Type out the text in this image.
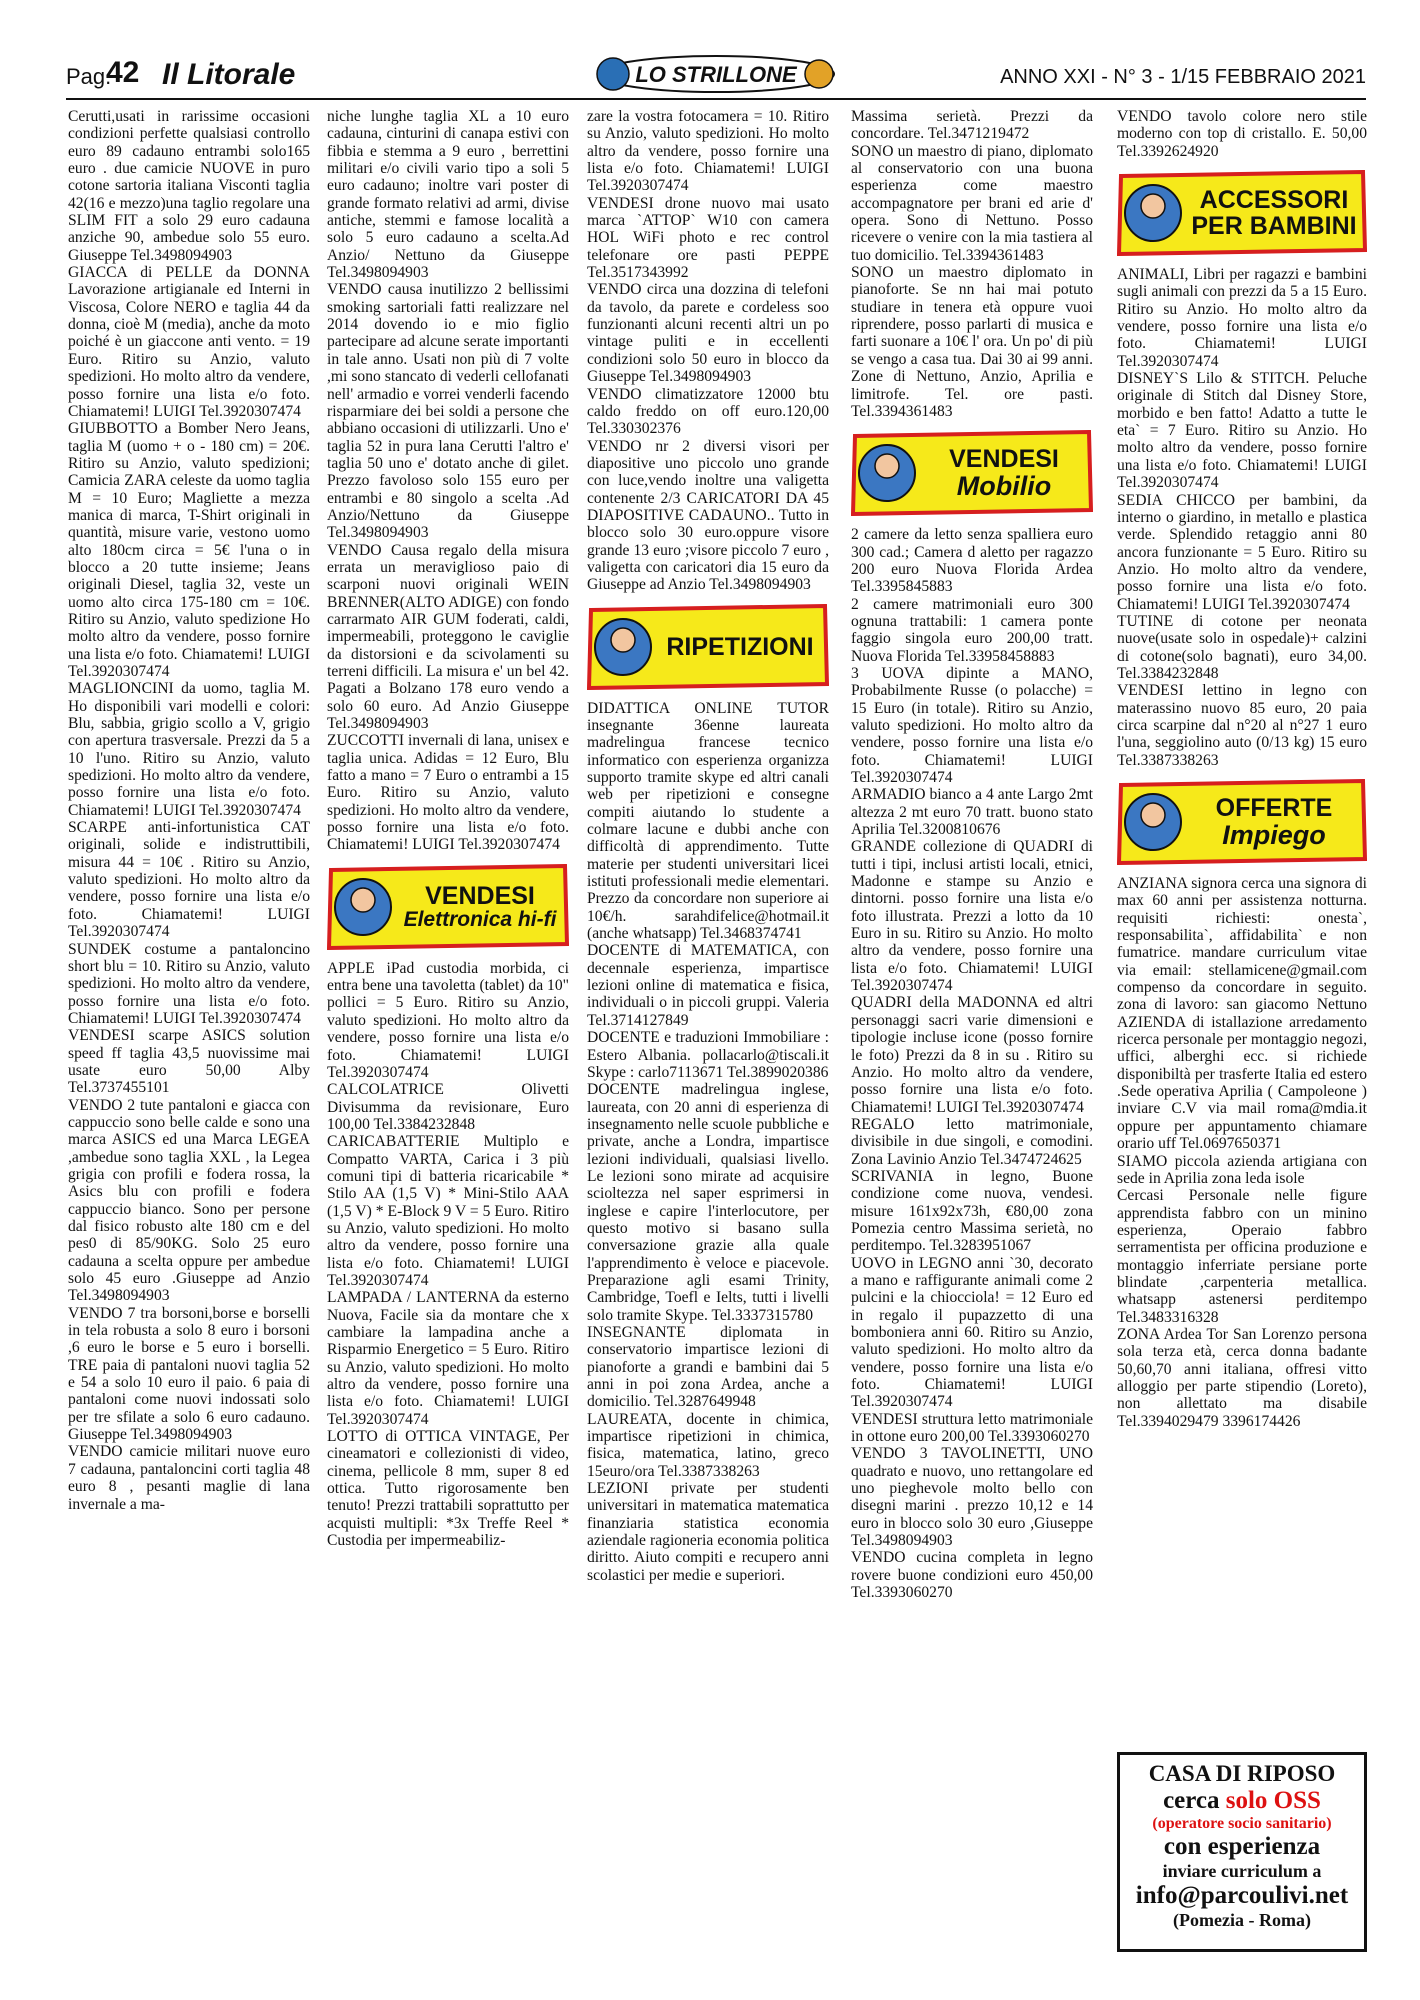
Pag.
42 Il Litorale	LO STRILLONE	ANNO XXI - N° 3 - 1/15 FEBBRAIO 2021

Cerutti,usati in rarissime occasioni condizioni perfette qualsiasi controllo euro 89 cadauno entrambi solo165 euro . due camicie NUOVE in puro cotone sartoria italiana Visconti taglia 42(16 e mezzo)una taglio regolare una SLIM FIT a solo 29 euro cadauna anziche 90, ambedue solo 55 euro. Giuseppe Tel.3498094903

GIACCA di PELLE da DONNA Lavorazione artigianale ed Interni in Viscosa, Colore NERO e taglia 44 da donna, cioè M (media), anche da moto poiché è un giaccone anti vento. = 19 Euro. Ritiro su Anzio, valuto spedizioni. Ho molto altro da vendere, posso fornire una lista e/o foto. Chiamatemi! LUIGI Tel.3920307474

GIUBBOTTO a Bomber Nero Jeans, taglia M (uomo + o - 180 cm) = 20€. Ritiro su Anzio, valuto spedizioni; Camicia ZARA celeste da uomo taglia M = 10 Euro; Magliette a mezza manica di marca, T-Shirt originali in quantità, misure varie, vestono uomo alto 180cm circa = 5€ l'una o in blocco a 20 tutte insieme; Jeans originali Diesel, taglia 32, veste un uomo alto circa 175-180 cm = 10€. Ritiro su Anzio, valuto spedizione Ho molto altro da vendere, posso fornire una lista e/o foto. Chiamatemi! LUIGI Tel.3920307474

MAGLIONCINI da uomo, taglia M. Ho disponibili vari modelli e colori: Blu, sabbia, grigio scollo a V, grigio con apertura trasversale. Prezzi da 5 a 10 l'uno. Ritiro su Anzio, valuto spedizioni. Ho molto altro da vendere, posso fornire una lista e/o foto. Chiamatemi! LUIGI Tel.3920307474

SCARPE anti-infortunistica CAT originali, solide e indistruttibili, misura 44 = 10€ . Ritiro su Anzio, valuto spedizioni. Ho molto altro da vendere, posso fornire una lista e/o foto. Chiamatemi! LUIGI Tel.3920307474

SUNDEK costume a pantaloncino short blu = 10. Ritiro su Anzio, valuto spedizioni. Ho molto altro da vendere, posso fornire una lista e/o foto. Chiamatemi! LUIGI Tel.3920307474

VENDESI scarpe ASICS solution speed ff taglia 43,5 nuovissime mai usate euro 50,00 Alby Tel.3737455101

VENDO 2 tute pantaloni e giacca con cappuccio sono belle calde e sono una marca ASICS ed una Marca LEGEA ,ambedue sono taglia XXL , la Legea grigia con profili e fodera rossa, la Asics blu con profili e fodera cappuccio bianco. Sono per persone dal fisico robusto alte 180 cm e del pes0 di 85/90KG. Solo 25 euro cadauna a scelta oppure per ambedue solo 45 euro .Giuseppe ad Anzio Tel.3498094903

VENDO 7 tra borsoni,borse e borselli in tela robusta a solo 8 euro i borsoni ,6 euro le borse e 5 euro i borselli. TRE paia di pantaloni nuovi taglia 52 e 54 a solo 10 euro il paio. 6 paia di pantaloni come nuovi indossati solo per tre sfilate a solo 6 euro cadauno. Giuseppe Tel.3498094903

VENDO camicie militari nuove euro 7 cadauna, pantaloncini corti taglia 48 euro 8 , pesanti maglie di lana invernale a ma-

niche lunghe taglia XL a 10 euro cadauna, cinturini di canapa estivi con fibbia e stemma a 9 euro , berrettini militari e/o civili vario tipo a soli 5 euro cadauno; inoltre vari poster di grande formato relativi ad armi, divise antiche, stemmi e famose località a solo 5 euro cadauno a scelta.Ad Anzio/ Nettuno da Giuseppe Tel.3498094903

VENDO causa inutilizzo 2 bellissimi smoking sartoriali fatti realizzare nel 2014 dovendo io e mio figlio partecipare ad alcune serate importanti in tale anno. Usati non più di 7 volte ,mi sono stancato di vederli cellofanati nell' armadio e vorrei venderli facendo risparmiare dei bei soldi a persone che abbiano occasioni di utilizzarli. Uno e' taglia 52 in pura lana Cerutti l'altro e' taglia 50 uno e' dotato anche di gilet. Prezzo favoloso solo 155 euro per entrambi e 80 singolo a scelta .Ad Anzio/Nettuno da Giuseppe Tel.3498094903

VENDO Causa regalo della misura errata un meraviglioso paio di scarponi nuovi originali WEIN BRENNER(ALTO ADIGE) con fondo carrarmato AIR GUM foderati, caldi, impermeabili, proteggono le caviglie da distorsioni e da scivolamenti su terreni difficili. La misura e' un bel 42. Pagati a Bolzano 178 euro vendo a solo 60 euro. Ad Anzio Giuseppe Tel.3498094903

ZUCCOTTI invernali di lana, unisex e taglia unica. Adidas = 12 Euro, Blu fatto a mano = 7 Euro o entrambi a 15 Euro. Ritiro su Anzio, valuto spedizioni. Ho molto altro da vendere, posso fornire una lista e/o foto. Chiamatemi! LUIGI Tel.3920307474

VENDESI
Elettronica hi-fi

APPLE iPad custodia morbida, ci entra bene una tavoletta (tablet) da 10" pollici = 5 Euro. Ritiro su Anzio, valuto spedizioni. Ho molto altro da vendere, posso fornire una lista e/o foto. Chiamatemi! LUIGI Tel.3920307474

CALCOLATRICE Olivetti Divisumma da revisionare, Euro 100,00 Tel.3384232848

CARICABATTERIE Multiplo e Compatto VARTA, Carica i 3 più comuni tipi di batteria ricaricabile * Stilo AA (1,5 V) * Mini-Stilo AAA (1,5 V) * E-Block 9 V = 5 Euro. Ritiro su Anzio, valuto spedizioni. Ho molto altro da vendere, posso fornire una lista e/o foto. Chiamatemi! LUIGI Tel.3920307474

LAMPADA / LANTERNA da esterno Nuova, Facile sia da montare che x cambiare la lampadina anche a Risparmio Energetico = 5 Euro. Ritiro su Anzio, valuto spedizioni. Ho molto altro da vendere, posso fornire una lista e/o foto. Chiamatemi! LUIGI Tel.3920307474

LOTTO di OTTICA VINTAGE, Per cineamatori e collezionisti di video, cinema, pellicole 8 mm, super 8 ed ottica. Tutto rigorosamente ben tenuto! Prezzi trattabili soprattutto per acquisti multipli: *3x Treffe Reel * Custodia per impermeabiliz-

zare la vostra fotocamera = 10. Ritiro su Anzio, valuto spedizioni. Ho molto altro da vendere, posso fornire una lista e/o foto. Chiamatemi! LUIGI Tel.3920307474

VENDESI drone nuovo mai usato marca `ATTOP` W10 con camera HOL WiFi photo e rec control telefonare ore pasti PEPPE Tel.3517343992

VENDO circa una dozzina di telefoni da tavolo, da parete e cordeless soo funzionanti alcuni recenti altri un po vintage puliti e in eccellenti condizioni solo 50 euro in blocco da Giuseppe Tel.3498094903

VENDO climatizzatore 12000 btu caldo freddo on off euro.120,00 Tel.330302376

VENDO nr 2 diversi visori per diapositive uno piccolo uno grande con luce,vendo inoltre una valigetta contenente 2/3 CARICATORI DA 45 DIAPOSITIVE CADAUNO.. Tutto in blocco solo 30 euro.oppure visore grande 13 euro ;visore piccolo 7 euro , valigetta con caricatori dia 15 euro da Giuseppe ad Anzio Tel.3498094903

RIPETIZIONI

DIDATTICA ONLINE TUTOR insegnante 36enne laureata madrelingua francese tecnico informatico con esperienza organizza supporto tramite skype ed altri canali web per ripetizioni e consegne compiti aiutando lo studente a colmare lacune e dubbi anche con difficoltà di apprendimento. Tutte materie per studenti universitari licei istituti professionali medie elementari. Prezzo da concordare non superiore ai 10€/h. sarahdifelice@hotmail.it (anche whatsapp) Tel.3468374741

DOCENTE di MATEMATICA, con decennale esperienza, impartisce lezioni online di matematica e fisica, individuali o in piccoli gruppi. Valeria Tel.3714127849

DOCENTE e traduzioni Immobiliare : Estero Albania. pollacarlo@tiscali.it Skype : carlo7113671 Tel.3899020386

DOCENTE madrelingua inglese, laureata, con 20 anni di esperienza di insegnamento nelle scuole pubbliche e private, anche a Londra, impartisce lezioni individuali, qualsiasi livello. Le lezioni sono mirate ad acquisire scioltezza nel saper esprimersi in inglese e capire l'interlocutore, per questo motivo si basano sulla conversazione grazie alla quale l'apprendimento è veloce e piacevole. Preparazione agli esami Trinity, Cambridge, Toefl e Ielts, tutti i livelli solo tramite Skype. Tel.3337315780

INSEGNANTE diplomata in conservatorio impartisce lezioni di pianoforte a grandi e bambini dai 5 anni in poi zona Ardea, anche a domicilio. Tel.3287649948

LAUREATA, docente in chimica, impartisce ripetizioni in chimica, fisica, matematica, latino, greco 15euro/ora Tel.3387338263

LEZIONI private per studenti universitari in matematica matematica finanziaria statistica economia aziendale ragioneria economia politica diritto. Aiuto compiti e recupero anni scolastici per medie e superiori.

Massima serietà. Prezzi da concordare. Tel.3471219472

SONO un maestro di piano, diplomato al conservatorio con una buona esperienza come maestro accompagnatore per brani ed arie d' opera. Sono di Nettuno. Posso ricevere o venire con la mia tastiera al tuo domicilio. Tel.3394361483

SONO un maestro diplomato in pianoforte. Se nn hai mai potuto studiare in tenera età oppure vuoi riprendere, posso parlarti di musica e farti suonare a 10€ l' ora. Un po' di più se vengo a casa tua. Dai 30 ai 99 anni. Zone di Nettuno, Anzio, Aprilia e limitrofe. Tel. ore pasti. Tel.3394361483

VENDESI
Mobilio

2 camere da letto senza spalliera euro 300 cad.; Camera d aletto per ragazzo 200 euro Nuova Florida Ardea Tel.3395845883

2 camere matrimoniali euro 300 ognuna trattabili: 1 camera ponte faggio singola euro 200,00 tratt. Nuova Florida Tel.33958458883

3 UOVA dipinte a MANO, Probabilmente Russe (o polacche) = 15 Euro (in totale). Ritiro su Anzio, valuto spedizioni. Ho molto altro da vendere, posso fornire una lista e/o foto. Chiamatemi! LUIGI Tel.3920307474

ARMADIO bianco a 4 ante Largo 2mt altezza 2 mt euro 70 tratt. buono stato Aprilia Tel.3200810676

GRANDE collezione di QUADRI di tutti i tipi, inclusi artisti locali, etnici, Madonne e stampe su Anzio e dintorni. posso fornire una lista e/o foto illustrata. Prezzi a lotto da 10 Euro in su. Ritiro su Anzio. Ho molto altro da vendere, posso fornire una lista e/o foto. Chiamatemi! LUIGI Tel.3920307474

QUADRI della MADONNA ed altri personaggi sacri varie dimensioni e tipologie incluse icone (posso fornire le foto) Prezzi da 8 in su . Ritiro su Anzio. Ho molto altro da vendere, posso fornire una lista e/o foto. Chiamatemi! LUIGI Tel.3920307474

REGALO letto matrimoniale, divisibile in due singoli, e comodini. Zona Lavinio Anzio Tel.3474724625

SCRIVANIA in legno, Buone condizione come nuova, vendesi. misure 161x92x73h, €80,00 zona Pomezia centro Massima serietà, no perditempo. Tel.3283951067

UOVO in LEGNO anni `30, decorato a mano e raffigurante animali come 2 pulcini e la chiocciola! = 12 Euro ed in regalo il pupazzetto di una bomboniera anni 60. Ritiro su Anzio, valuto spedizioni. Ho molto altro da vendere, posso fornire una lista e/o foto. Chiamatemi! LUIGI Tel.3920307474

VENDESI struttura letto matrimoniale in ottone euro 200,00 Tel.3393060270

VENDO 3 TAVOLINETTI, UNO quadrato e nuovo, uno rettangolare ed uno pieghevole molto bello con disegni marini . prezzo 10,12 e 14 euro in blocco solo 30 euro ,Giuseppe Tel.3498094903

VENDO cucina completa in legno rovere buone condizioni euro 450,00 Tel.3393060270

VENDO tavolo colore nero stile moderno con top di cristallo. E. 50,00 Tel.3392624920

ACCESSORI
PER BAMBINI

ANIMALI, Libri per ragazzi e bambini sugli animali con prezzi da 5 a 15 Euro. Ritiro su Anzio. Ho molto altro da vendere, posso fornire una lista e/o foto. Chiamatemi! LUIGI Tel.3920307474

DISNEY`S Lilo & STITCH. Peluche originale di Stitch dal Disney Store, morbido e ben fatto! Adatto a tutte le eta` = 7 Euro. Ritiro su Anzio. Ho molto altro da vendere, posso fornire una lista e/o foto. Chiamatemi! LUIGI Tel.3920307474

SEDIA CHICCO per bambini, da interno o giardino, in metallo e plastica verde. Splendido retaggio anni 80 ancora funzionante = 5 Euro. Ritiro su Anzio. Ho molto altro da vendere, posso fornire una lista e/o foto. Chiamatemi! LUIGI Tel.3920307474

TUTINE di cotone per neonata nuove(usate solo in ospedale)+ calzini di cotone(solo bagnati), euro 34,00. Tel.3384232848

VENDESI lettino in legno con materassino nuovo 85 euro, 20 paia circa scarpine dal n°20 al n°27 1 euro l'una, seggiolino auto (0/13 kg) 15 euro Tel.3387338263

OFFERTE
Impiego

ANZIANA signora cerca una signora di max 60 anni per assistenza notturna. requisiti richiesti: onesta`, responsabilita`, affidabilita` e non fumatrice. mandare curriculum vitae via email: stellamicene@gmail.com compenso da concordare in seguito. zona di lavoro: san giacomo Nettuno AZIENDA di istallazione arredamento ricerca personale per montaggio negozi, uffici, alberghi ecc. si richiede disponibiltà per trasferte Italia ed estero .Sede operativa Aprilia ( Campoleone ) inviare C.V via mail roma@mdia.it oppure per appuntamento chiamare orario uff Tel.0697650371

SIAMO piccola azienda artigiana con sede in Aprilia zona leda isole

Cercasi Personale nelle figure apprendista fabbro con un minino esperienza, Operaio fabbro serramentista per officina produzione e montaggio inferriate persiane porte blindate ,carpenteria metallica. whatsapp astenersi perditempo Tel.3483316328

ZONA Ardea Tor San Lorenzo persona sola terza età, cerca donna badante 50,60,70 anni italiana, offresi vitto alloggio per parte stipendio (Loreto), non allettato ma disabile Tel.3394029479 3396174426

CASA DI RIPOSO
cerca solo OSS
(operatore socio sanitario)
con esperienza
inviare curriculum a
info@parcoulivi.net
(Pomezia - Roma)
